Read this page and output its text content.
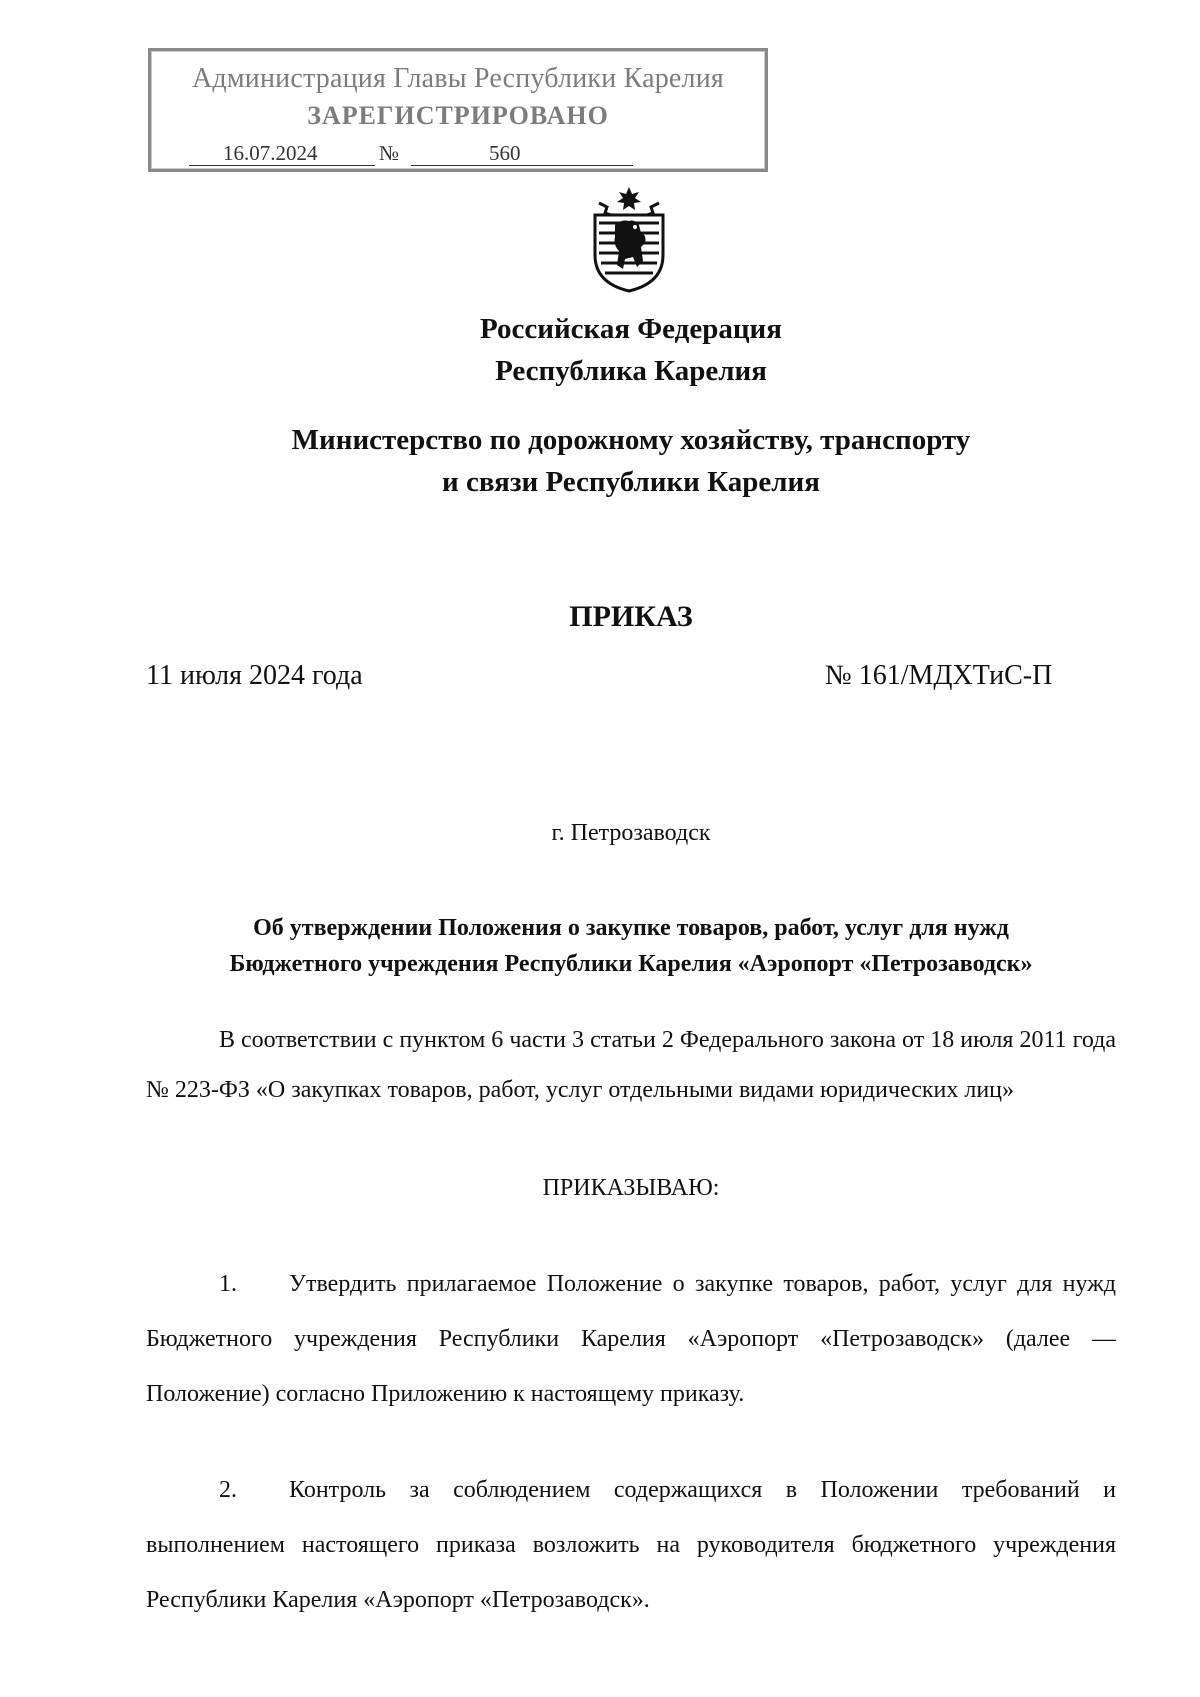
Администрация Главы Республики Карелия
ЗАРЕГИСТРИРОВАНО
16.07.2024	№	560
Российская Федерация
Республика Карелия
Министерство по дорожному хозяйству, транспорту
и связи Республики Карелия
ПРИКАЗ
11 июля 2024 года	№ 161/МДХТиС-П
г. Петрозаводск
Об утверждении Положения о закупке товаров, работ, услуг для нужд
Бюджетного учреждения Республики Карелия «Аэропорт «Петрозаводск»
В соответствии с пунктом 6 части 3 статьи 2 Федерального закона от 18 июля 2011 года № 223-ФЗ «О закупках товаров, работ, услуг отдельными видами юридических лиц»
ПРИКАЗЫВАЮ:
1. Утвердить прилагаемое Положение о закупке товаров, работ, услуг для нужд Бюджетного учреждения Республики Карелия «Аэропорт «Петрозаводск» (далее — Положение) согласно Приложению к настоящему приказу.
2. Контроль за соблюдением содержащихся в Положении требований и выполнением настоящего приказа возложить на руководителя бюджетного учреждения Республики Карелия «Аэропорт «Петрозаводск».
